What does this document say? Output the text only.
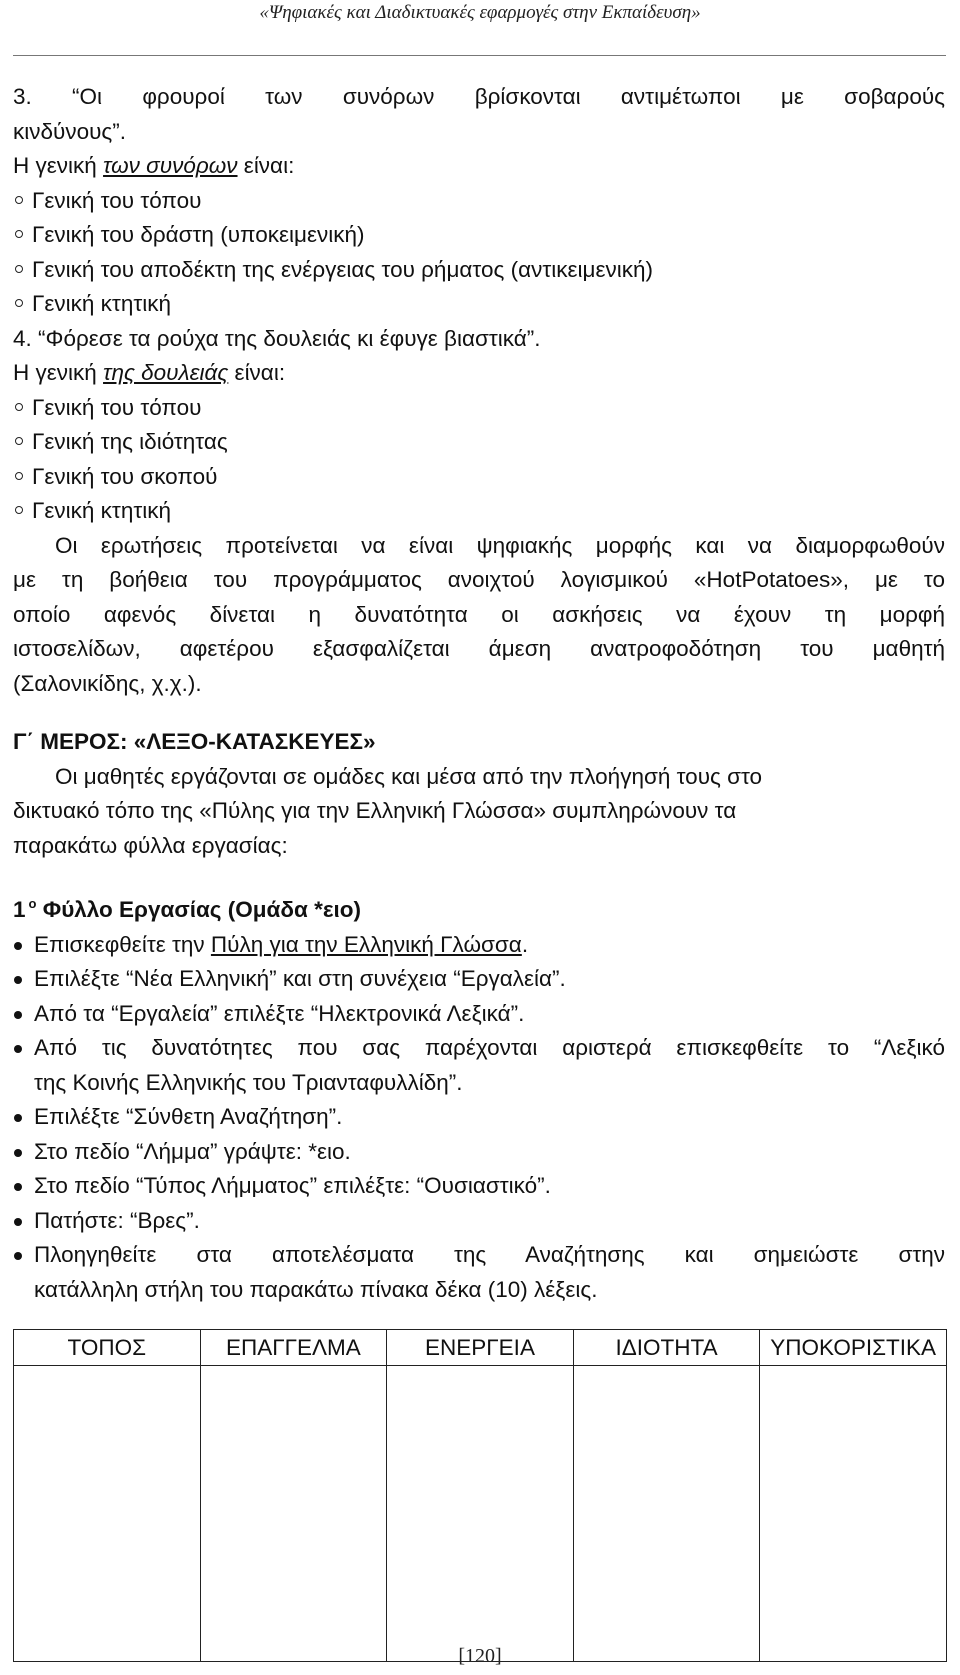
«Ψηφιακές και Διαδικτυακές εφαρμογές στην Εκπαίδευση»
3. “Οι φρουροί των συνόρων βρίσκονται αντιμέτωποι με σοβαρούς
κινδύνους”.
Η γενική των συνόρων είναι:
Γενική του τόπου
Γενική του δράστη (υποκειμενική)
Γενική του αποδέκτη της ενέργειας του ρήματος (αντικειμενική)
Γενική κτητική
4. “Φόρεσε τα ρούχα της δουλειάς κι έφυγε βιαστικά”.
Η γενική της δουλειάς είναι:
Γενική του τόπου
Γενική της ιδιότητας
Γενική του σκοπού
Γενική κτητική
Οι ερωτήσεις προτείνεται να είναι ψηφιακής μορφής και να διαμορφωθούν
με τη βοήθεια του προγράμματος ανοιχτού λογισμικού «HotPotatoes», με το
οποίο αφενός δίνεται η δυνατότητα οι ασκήσεις να έχουν τη μορφή
ιστοσελίδων, αφετέρου εξασφαλίζεται άμεση ανατροφοδότηση του μαθητή
(Σαλονικίδης, χ.χ.).
Γ΄ ΜΕΡΟΣ: «ΛΕΞΟ-ΚΑΤΑΣΚΕΥΕΣ»
Οι μαθητές εργάζονται σε ομάδες και μέσα από την πλοήγησή τους στο
δικτυακό τόπο της «Πύλης για την Ελληνική Γλώσσα» συμπληρώνουν τα
παρακάτω φύλλα εργασίας:
1 $^o$ Φύλλο Εργασίας (Ομάδα *ειο)
Επισκεφθείτε την Πύλη για την Ελληνική Γλώσσα.
Επιλέξτε “Νέα Ελληνική” και στη συνέχεια “Εργαλεία”.
Από τα “Εργαλεία” επιλέξτε “Ηλεκτρονικά Λεξικά”.
Από τις δυνατότητες που σας παρέχονται αριστερά επισκεφθείτε το “Λεξικό
της Κοινής Ελληνικής του Τριανταφυλλίδη”.
Επιλέξτε “Σύνθετη Αναζήτηση”.
Στο πεδίο “Λήμμα” γράψτε: *ειο.
Στο πεδίο “Τύπος Λήμματος” επιλέξτε: “Ουσιαστικό”.
Πατήστε: “Βρες”.
Πλοηγηθείτε στα αποτελέσματα της Αναζήτησης και σημειώστε στην
κατάλληλη στήλη του παρακάτω πίνακα δέκα (10) λέξεις.
ΤΟΠΟΣ	ΕΠΑΓΓΕΛΜΑ	ΕΝΕΡΓΕΙΑ	ΙΔΙΟΤΗΤΑ	ΥΠΟΚΟΡΙΣΤΙΚΑ

[120]
